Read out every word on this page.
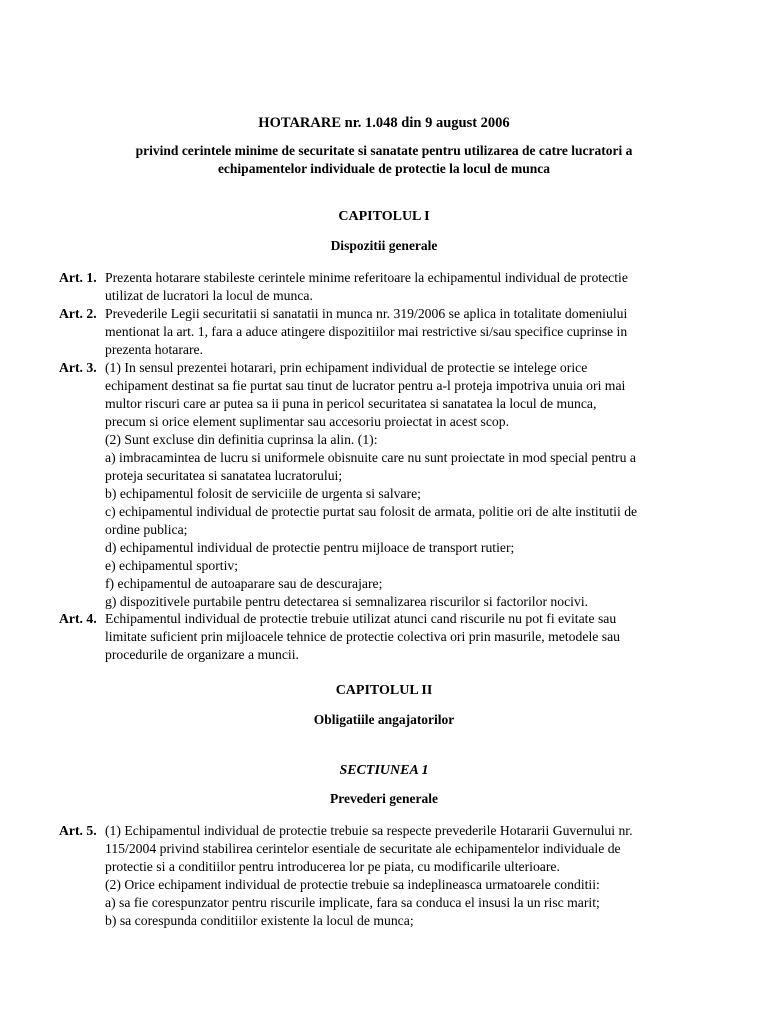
HOTARARE nr. 1.048 din 9 august 2006
privind cerintele minime de securitate si sanatate pentru utilizarea de catre lucratori a
echipamentelor individuale de protectie la locul de munca
CAPITOLUL I
Dispozitii generale
Art. 1. Prezenta hotarare stabileste cerintele minime referitoare la echipamentul individual de protectie
utilizat de lucratori la locul de munca.
Art. 2. Prevederile Legii securitatii si sanatatii in munca nr. 319/2006 se aplica in totalitate domeniului
mentionat la art. 1, fara a aduce atingere dispozitiilor mai restrictive si/sau specifice cuprinse in
prezenta hotarare.
Art. 3. (1) In sensul prezentei hotarari, prin echipament individual de protectie se intelege orice
echipament destinat sa fie purtat sau tinut de lucrator pentru a-l proteja impotriva unuia ori mai
multor riscuri care ar putea sa ii puna in pericol securitatea si sanatatea la locul de munca,
precum si orice element suplimentar sau accesoriu proiectat in acest scop.
(2) Sunt excluse din definitia cuprinsa la alin. (1):
a) imbracamintea de lucru si uniformele obisnuite care nu sunt proiectate in mod special pentru a
proteja securitatea si sanatatea lucratorului;
b) echipamentul folosit de serviciile de urgenta si salvare;
c) echipamentul individual de protectie purtat sau folosit de armata, politie ori de alte institutii de
ordine publica;
d) echipamentul individual de protectie pentru mijloace de transport rutier;
e) echipamentul sportiv;
f) echipamentul de autoaparare sau de descurajare;
g) dispozitivele purtabile pentru detectarea si semnalizarea riscurilor si factorilor nocivi.
Art. 4. Echipamentul individual de protectie trebuie utilizat atunci cand riscurile nu pot fi evitate sau
limitate suficient prin mijloacele tehnice de protectie colectiva ori prin masurile, metodele sau
procedurile de organizare a muncii.
CAPITOLUL II
Obligatiile angajatorilor
SECTIUNEA 1
Prevederi generale
Art. 5. (1) Echipamentul individual de protectie trebuie sa respecte prevederile Hotararii Guvernului nr.
115/2004 privind stabilirea cerintelor esentiale de securitate ale echipamentelor individuale de
protectie si a conditiilor pentru introducerea lor pe piata, cu modificarile ulterioare.
(2) Orice echipament individual de protectie trebuie sa indeplineasca urmatoarele conditii:
a) sa fie corespunzator pentru riscurile implicate, fara sa conduca el insusi la un risc marit;
b) sa corespunda conditiilor existente la locul de munca;
